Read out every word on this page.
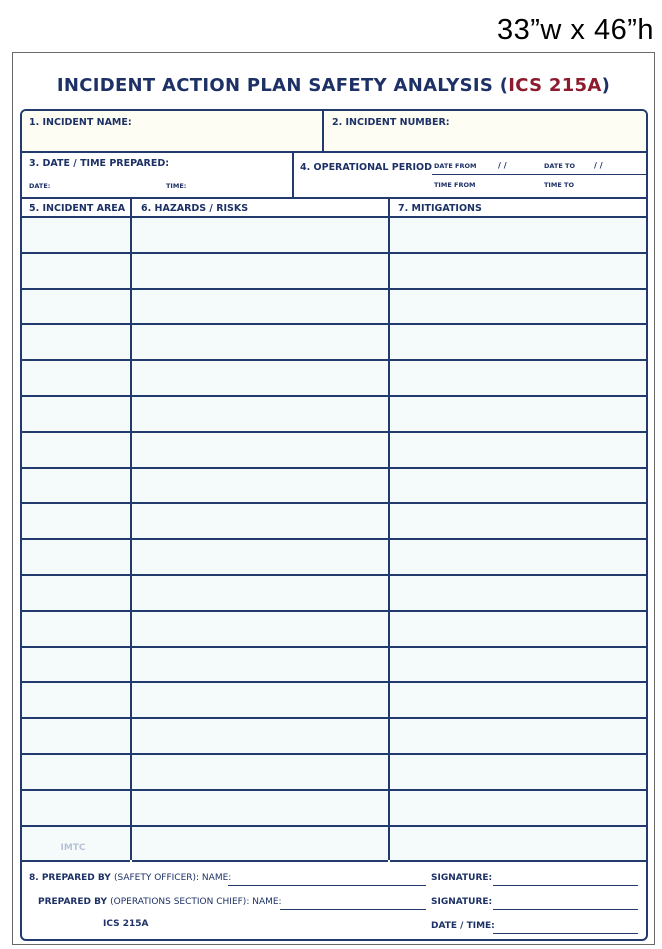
33”w x 46”h
INCIDENT ACTION PLAN SAFETY ANALYSIS (ICS 215A)
1. INCIDENT NAME:	2. INCIDENT NUMBER:
3. DATE / TIME PREPARED:
DATE:	TIME:
4. OPERATIONAL PERIOD DATE FROM	/ /	DATE TO / /
TIME FROM	TIME TO
5. INCIDENT AREA 6. HAZARDS / RISKS	7. MITIGATIONS
8. PREPARED BY (SAFETY OFFICER): NAME:	SIGNATURE:
PREPARED BY (OPERATIONS SECTION CHIEF): NAME:	SIGNATURE:
ICS 215A	DATE / TIME:
IMTC
